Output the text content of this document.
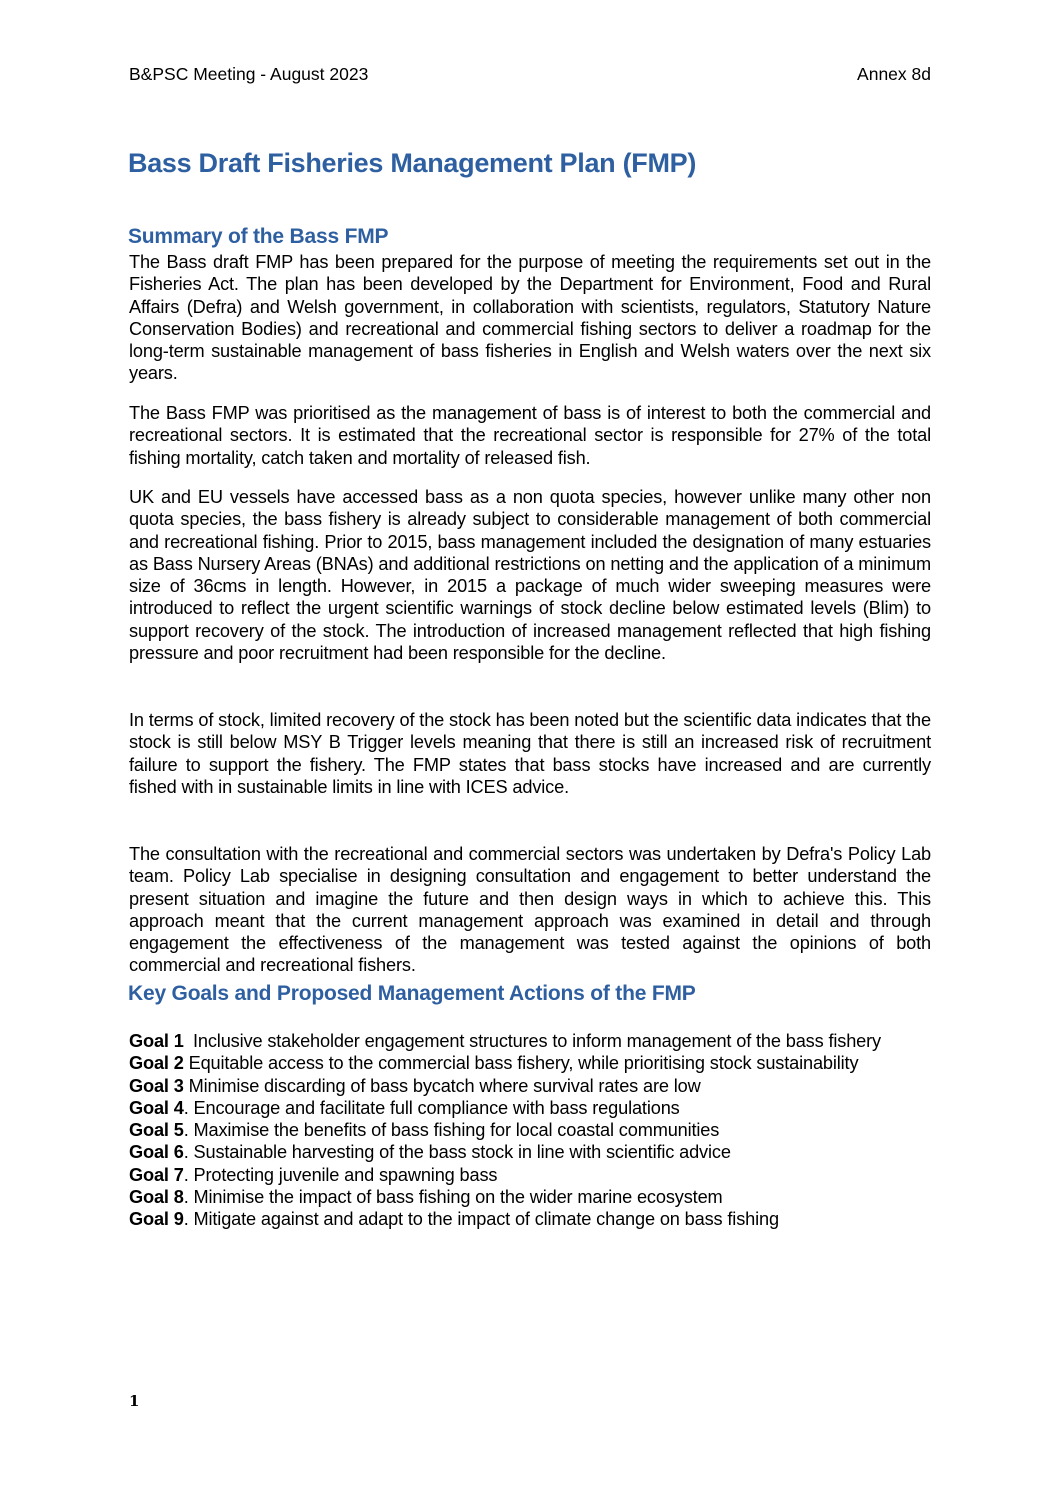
B&PSC Meeting - August 2023	Annex 8d
Bass Draft Fisheries Management Plan (FMP)
Summary of the Bass FMP

The Bass draft FMP has been prepared for the purpose of meeting the requirements set out in the Fisheries Act. The plan has been developed by the Department for Environment, Food and Rural Affairs (Defra) and Welsh government, in collaboration with scientists, regulators, Statutory Nature Conservation Bodies) and recreational and commercial fishing sectors to deliver a roadmap for the long-term sustainable management of bass fisheries in English and Welsh waters over the next six years.

The Bass FMP was prioritised as the management of bass is of interest to both the commercial and recreational sectors. It is estimated that the recreational sector is responsible for 27% of the total fishing mortality, catch taken and mortality of released fish.

UK and EU vessels have accessed bass as a non quota species, however unlike many other non quota species, the bass fishery is already subject to considerable management of both commercial and recreational fishing. Prior to 2015, bass management included the designation of many estuaries as Bass Nursery Areas (BNAs) and additional restrictions on netting and the application of a minimum size of 36cms in length. However, in 2015 a package of much wider sweeping measures were introduced to reflect the urgent scientific warnings of stock decline below estimated levels (Blim) to support recovery of the stock. The introduction of increased management reflected that high fishing pressure and poor recruitment had been responsible for the decline.

In terms of stock, limited recovery of the stock has been noted but the scientific data indicates that the stock is still below MSY B Trigger levels meaning that there is still an increased risk of recruitment failure to support the fishery. The FMP states that bass stocks have increased and are currently fished with in sustainable limits in line with ICES advice.

The consultation with the recreational and commercial sectors was undertaken by Defra's Policy Lab team. Policy Lab specialise in designing consultation and engagement to better understand the present situation and imagine the future and then design ways in which to achieve this. This approach meant that the current management approach was examined in detail and through engagement the effectiveness of the management was tested against the opinions of both commercial and recreational fishers.

Key Goals and Proposed Management Actions of the FMP
Goal 1 Inclusive stakeholder engagement structures to inform management of the bass fishery
Goal 2 Equitable access to the commercial bass fishery, while prioritising stock sustainability
Goal 3 Minimise discarding of bass bycatch where survival rates are low
Goal 4. Encourage and facilitate full compliance with bass regulations
Goal 5. Maximise the benefits of bass fishing for local coastal communities
Goal 6. Sustainable harvesting of the bass stock in line with scientific advice
Goal 7. Protecting juvenile and spawning bass
Goal 8. Minimise the impact of bass fishing on the wider marine ecosystem
Goal 9. Mitigate against and adapt to the impact of climate change on bass fishing
1
